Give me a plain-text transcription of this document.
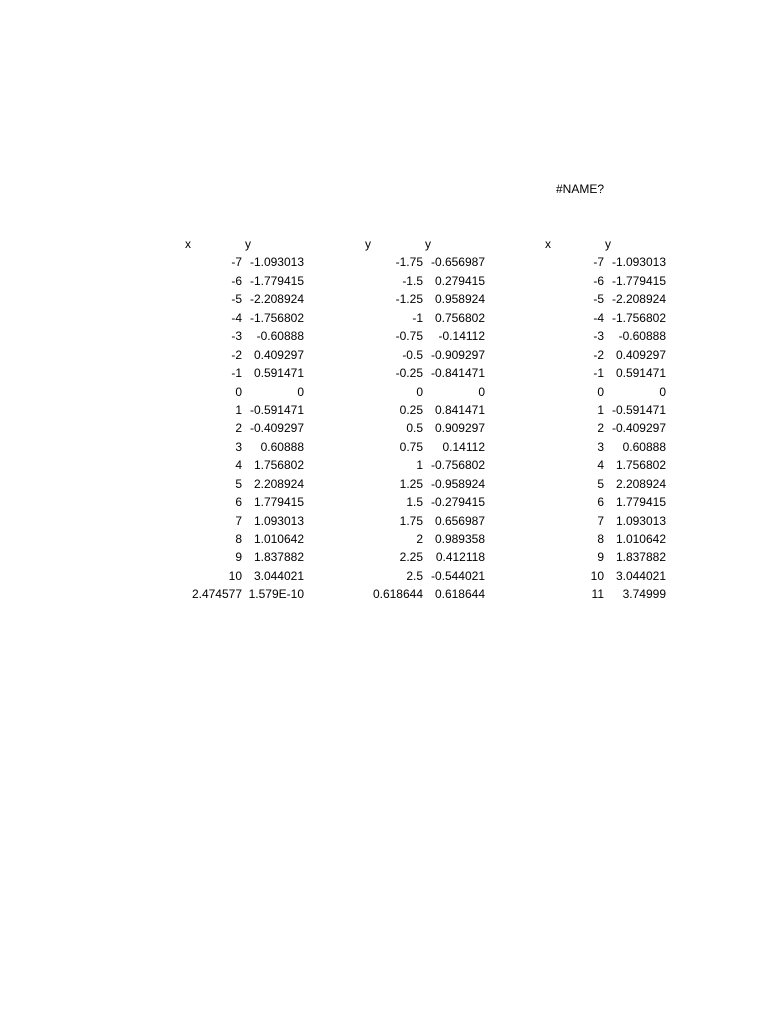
#NAME?
x	y
-7 -1.093013
-6 -1.779415
-5 -2.208924
-4 -1.756802
-3 -0.60888
-2 0.409297
-1 0.591471
0	0
1 -0.591471
2 -0.409297
3 0.60888
4 1.756802
5 2.208924
6 1.779415
7 1.093013
8 1.010642
9 1.837882
10 3.044021
2.474577 1.579E-10
y	y
-1.75 -0.656987
-1.5 0.279415
-1.25 0.958924
-1 0.756802
-0.75 -0.14112
-0.5 -0.909297
-0.25 -0.841471
0	0
0.25 0.841471
0.5 0.909297
0.75 0.14112
1 -0.756802
1.25 -0.958924
1.5 -0.279415
1.75 0.656987
2 0.989358
2.25 0.412118
2.5 -0.544021
0.618644 0.618644
x	y
-7 -1.093013
-6 -1.779415
-5 -2.208924
-4 -1.756802
-3 -0.60888
-2 0.409297
-1 0.591471
0	0
1 -0.591471
2 -0.409297
3 0.60888
4 1.756802
5 2.208924
6 1.779415
7 1.093013
8 1.010642
9 1.837882
10 3.044021
11 3.74999
